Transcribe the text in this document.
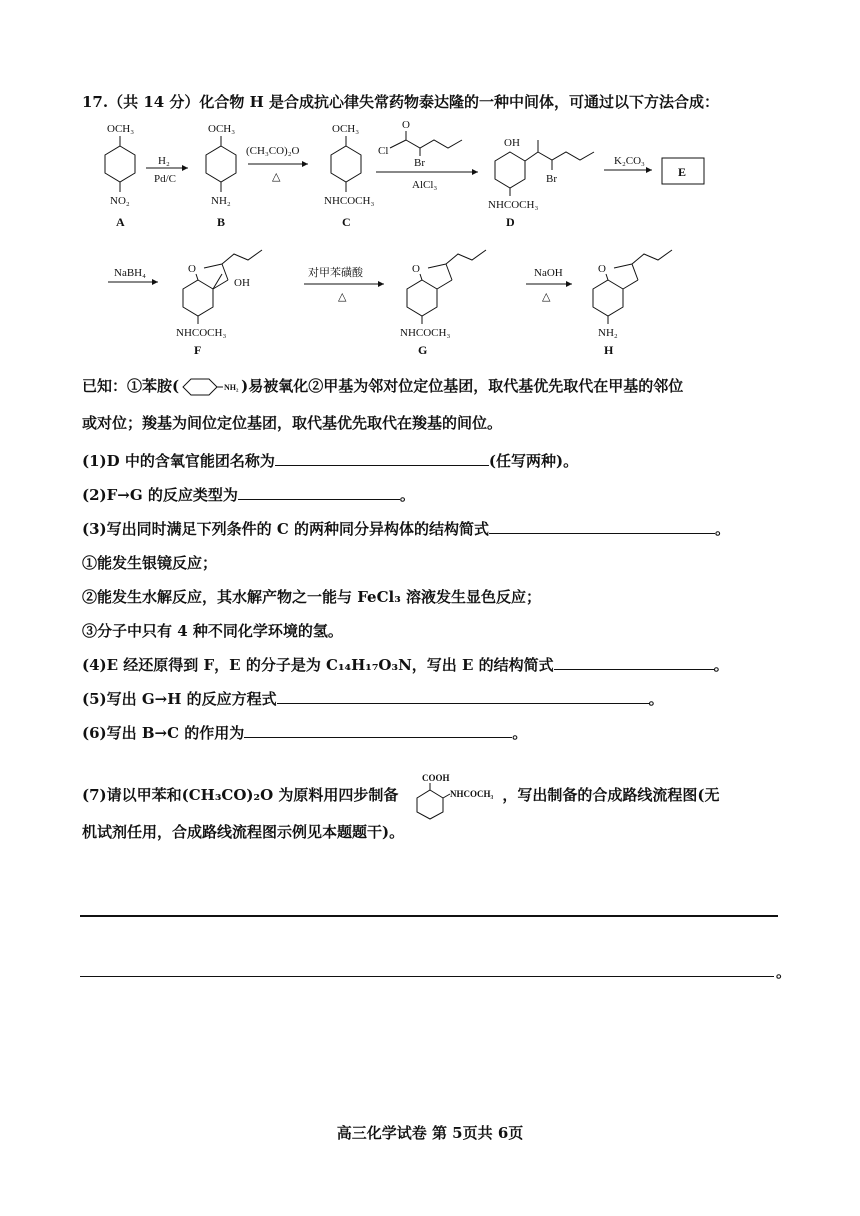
17.（共 14 分）化合物 H 是合成抗心律失常药物泰达隆的一种中间体，可通过以下方法合成：
OCH₃
NO₂
A
H₂
Pd/C
OCH₃
NH₂
B
(CH₃CO)₂O
△
OCH₃
NHCOCH₃
C
O
Cl
Br
AlCl₃
OH
Br
NHCOCH₃
D
K₂CO₃
E
NaBH₄	O
OH
NHCOCH₃
F
对甲苯磺酸
△
O
NHCOCH₃
G
NaOH
△
O
NH₂
H
已知：①苯胺(	NH₂ )易被氧化②甲基为邻对位定位基团，取代基优先取代在甲基的邻位
或对位；羧基为间位定位基团，取代基优先取代在羧基的间位。
(1)D 中的含氧官能团名称为	(任写两种)。
(2)F→G 的反应类型为	。
(3)写出同时满足下列条件的 C 的两种同分异构体的结构简式	。
①能发生银镜反应；
②能发生水解反应，其水解产物之一能与 FeCl₃ 溶液发生显色反应；
③分子中只有 4 种不同化学环境的氢。
(4)E 经还原得到 F，E 的分子是为 C₁₄H₁₇O₃N，写出 E 的结构简式	。
(5)写出 G→H 的反应方程式	。
(6)写出 B→C 的作用为	。
(7)请以甲苯和(CH₃CO)₂O 为原料用四步制备
COOH
NHCOCH₃ ，写出制备的合成路线流程图(无
机试剂任用，合成路线流程图示例见本题题干)。
。
高三化学试卷 第 5页共 6页
